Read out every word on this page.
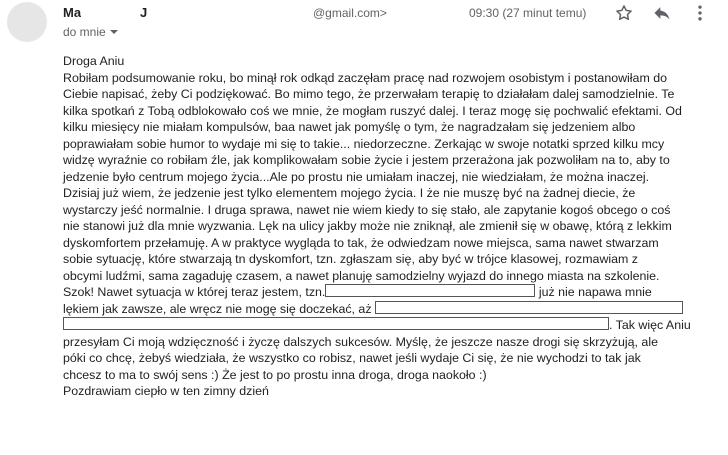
Ma	J	@gmail.com>	09:30 (27 minut temu)
do mnie
Droga Aniu
Robiłam podsumowanie roku, bo minął rok odkąd zaczęłam pracę nad rozwojem osobistym i postanowiłam do
Ciebie napisać, żeby Ci podziękować. Bo mimo tego, że przerwałam terapię to działałam dalej samodzielnie. Te
kilka spotkań z Tobą odblokowało coś we mnie, że mogłam ruszyć dalej. I teraz mogę się pochwalić efektami. Od
kilku miesięcy nie miałam kompulsów, baa nawet jak pomyślę o tym, że nagradzałam się jedzeniem albo
poprawiałam sobie humor to wydaje mi się to takie... niedorzeczne. Zerkając w swoje notatki sprzed kilku mcy
widzę wyraźnie co robiłam źle, jak komplikowałam sobie życie i jestem przerażona jak pozwoliłam na to, aby to
jedzenie było centrum mojego życia...Ale po prostu nie umiałam inaczej, nie wiedziałam, że można inaczej.
Dzisiaj już wiem, że jedzenie jest tylko elementem mojego życia. I że nie muszę być na żadnej diecie, że
wystarczy jeść normalnie. I druga sprawa, nawet nie wiem kiedy to się stało, ale zapytanie kogoś obcego o coś
nie stanowi już dla mnie wyzwania. Lęk na ulicy jakby może nie zniknął, ale zmienił się w obawę, którą z lekkim
dyskomfortem przełamuję. A w praktyce wygląda to tak, że odwiedzam nowe miejsca, sama nawet stwarzam
sobie sytuację, które stwarzają tn dyskomfort, tzn. zgłaszam się, aby być w trójce klasowej, rozmawiam z
obcymi ludźmi, sama zagaduję czasem, a nawet planuję samodzielny wyjazd do innego miasta na szkolenie.
Szok! Nawet sytuacja w której teraz jestem, tzn.	już nie napawa mnie
lękiem jak zawsze, ale wręcz nie mogę się doczekać, aż
. Tak więc Aniu
przesyłam Ci moją wdzięczność i życzę dalszych sukcesów. Myślę, że jeszcze nasze drogi się skrzyżują, ale
póki co chcę, żebyś wiedziała, że wszystko co robisz, nawet jeśli wydaje Ci się, że nie wychodzi to tak jak
chcesz to ma to swój sens :) Że jest to po prostu inna droga, droga naokoło :)
Pozdrawiam ciepło w ten zimny dzień
